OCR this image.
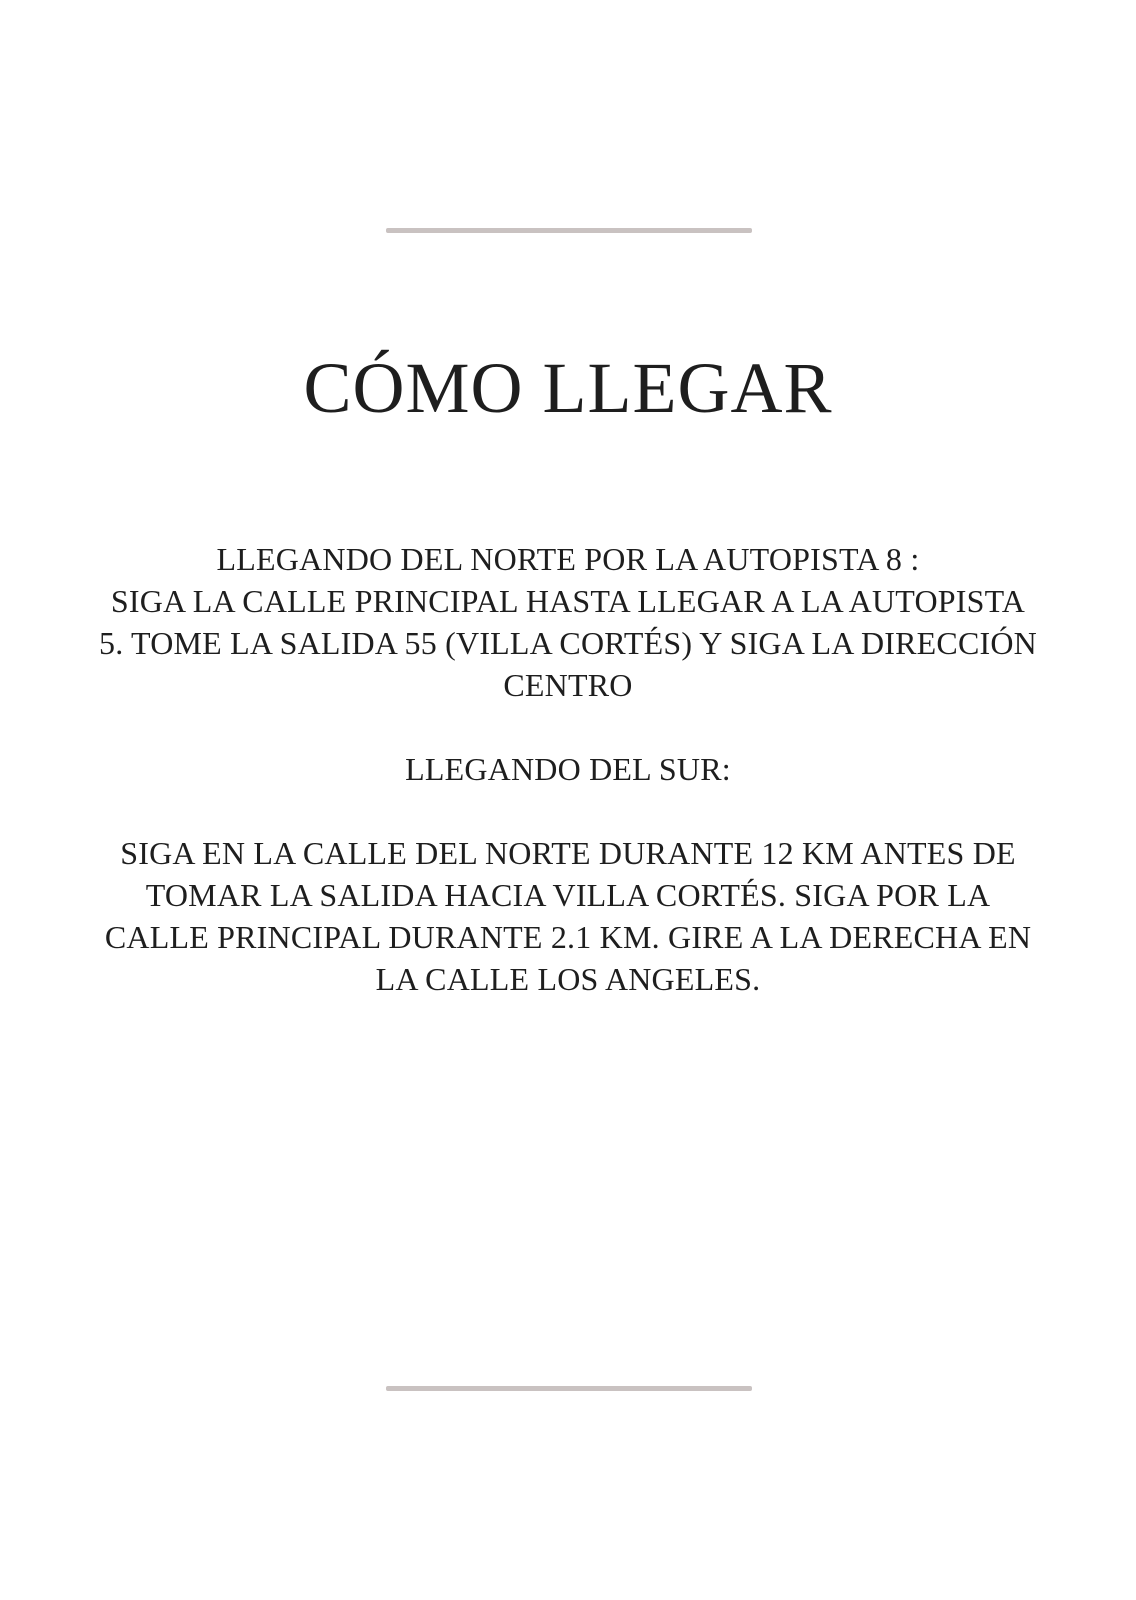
CÓMO LLEGAR

LLEGANDO DEL NORTE POR LA AUTOPISTA 8 :

SIGA LA CALLE PRINCIPAL HASTA LLEGAR A LA AUTOPISTA

5. TOME LA SALIDA 55 (VILLA CORTÉS) Y SIGA LA DIRECCIÓN

CENTRO

LLEGANDO DEL SUR:

SIGA EN LA CALLE DEL NORTE DURANTE 12 KM ANTES DE

TOMAR LA SALIDA HACIA VILLA CORTÉS. SIGA POR LA

CALLE PRINCIPAL DURANTE 2.1 KM. GIRE A LA DERECHA EN

LA CALLE LOS ANGELES.
